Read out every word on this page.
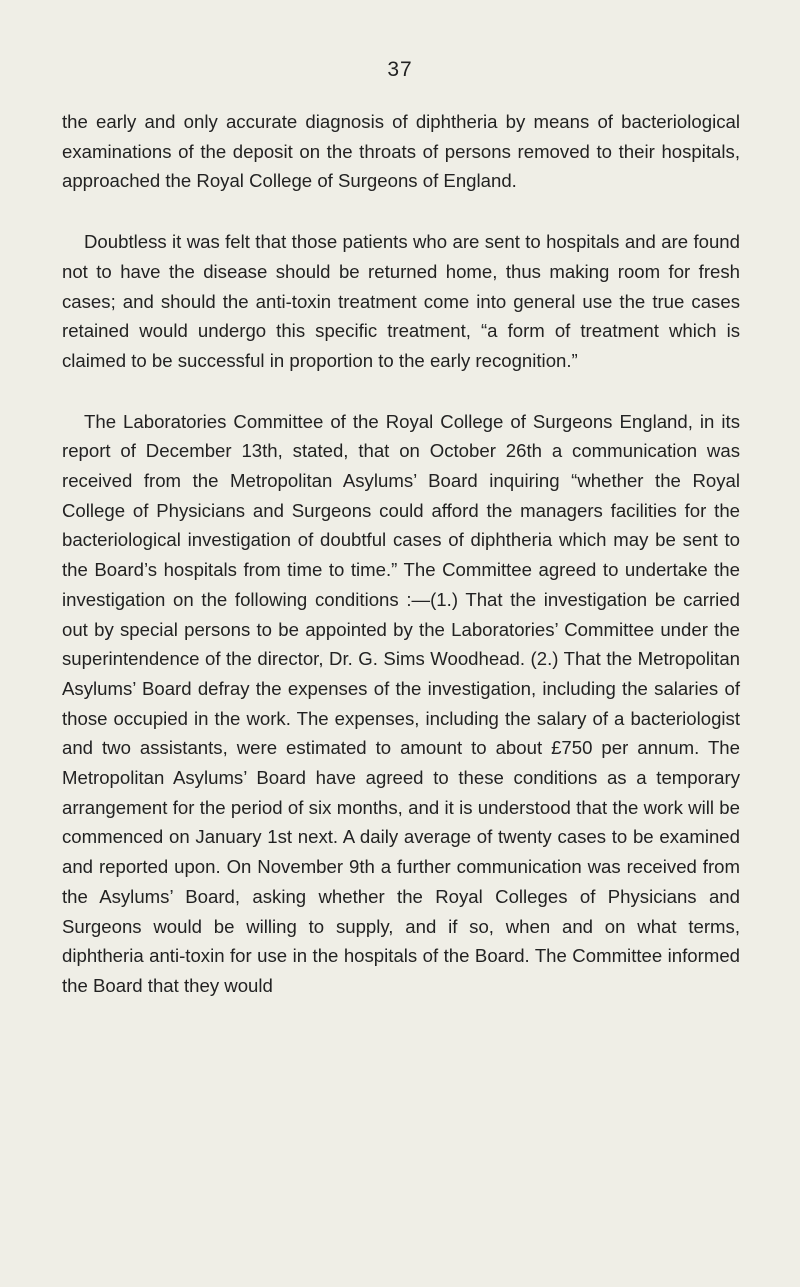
37

the early and only accurate diagnosis of diphtheria by means of bacteriological examinations of the deposit on the throats of persons removed to their hospitals, approached the Royal College of Surgeons of England.

Doubtless it was felt that those patients who are sent to hospitals and are found not to have the disease should be returned home, thus making room for fresh cases; and should the anti-toxin treatment come into general use the true cases retained would undergo this specific treatment, “a form of treatment which is claimed to be successful in proportion to the early recognition.”

The Laboratories Committee of the Royal College of Surgeons England, in its report of December 13th, stated, that on October 26th a communication was received from the Metropolitan Asylums’ Board inquiring “whether the Royal College of Physicians and Surgeons could afford the managers facilities for the bacteriological investigation of doubtful cases of diphtheria which may be sent to the Board’s hospitals from time to time.” The Committee agreed to undertake the investigation on the following conditions :—(1.) That the investigation be carried out by special persons to be appointed by the Laboratories’ Committee under the superintendence of the director, Dr. G. Sims Woodhead. (2.) That the Metropolitan Asylums’ Board defray the expenses of the investigation, including the salaries of those occupied in the work. The expenses, including the salary of a bacteriologist and two assistants, were estimated to amount to about £750 per annum. The Metropolitan Asylums’ Board have agreed to these conditions as a temporary arrangement for the period of six months, and it is understood that the work will be commenced on January 1st next. A daily average of twenty cases to be examined and reported upon. On November 9th a further communication was received from the Asylums’ Board, asking whether the Royal Colleges of Physicians and Surgeons would be willing to supply, and if so, when and on what terms, diphtheria anti-toxin for use in the hospitals of the Board. The Committee informed the Board that they would
